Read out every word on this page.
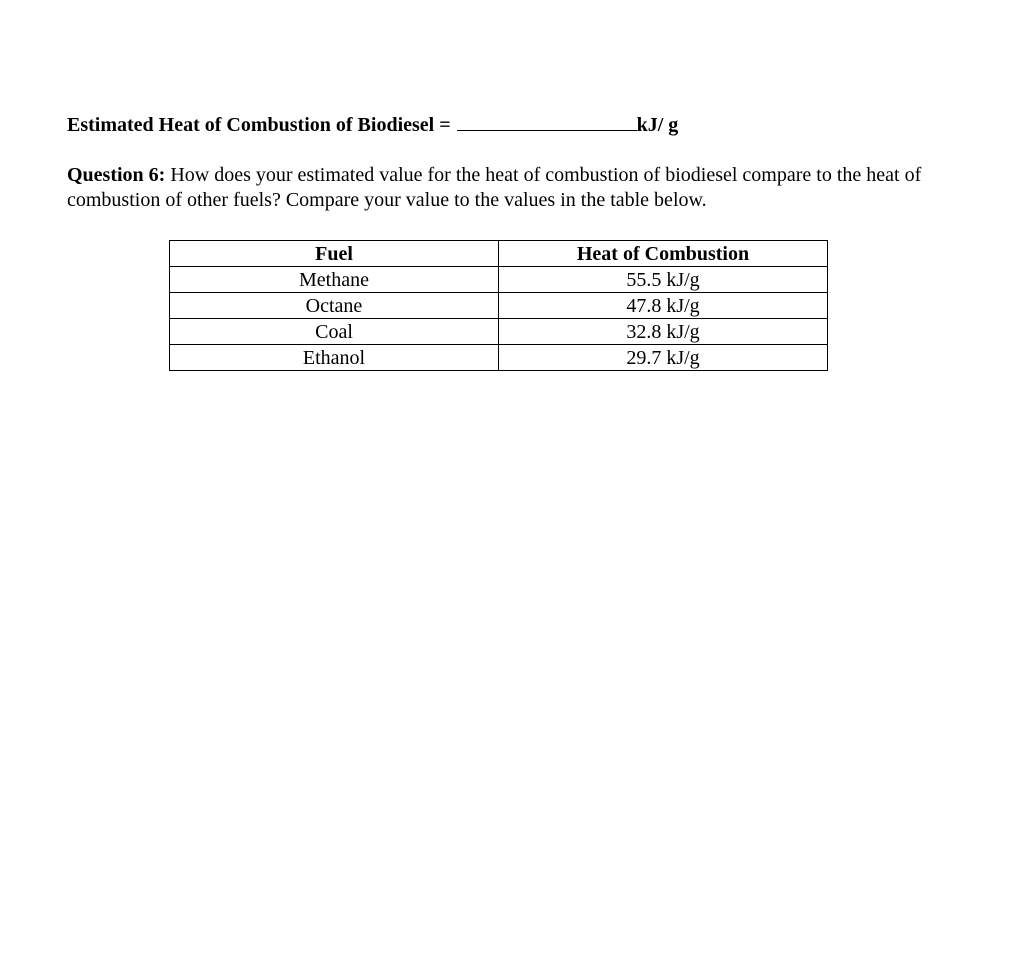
Estimated Heat of Combustion of Biodiesel =	kJ/ g
Question 6: How does your estimated value for the heat of combustion of biodiesel compare to the heat of combustion of other fuels? Compare your value to the values in the table below.
Fuel	Heat of Combustion
Methane	55.5 kJ/g
Octane	47.8 kJ/g
Coal	32.8 kJ/g
Ethanol	29.7 kJ/g
